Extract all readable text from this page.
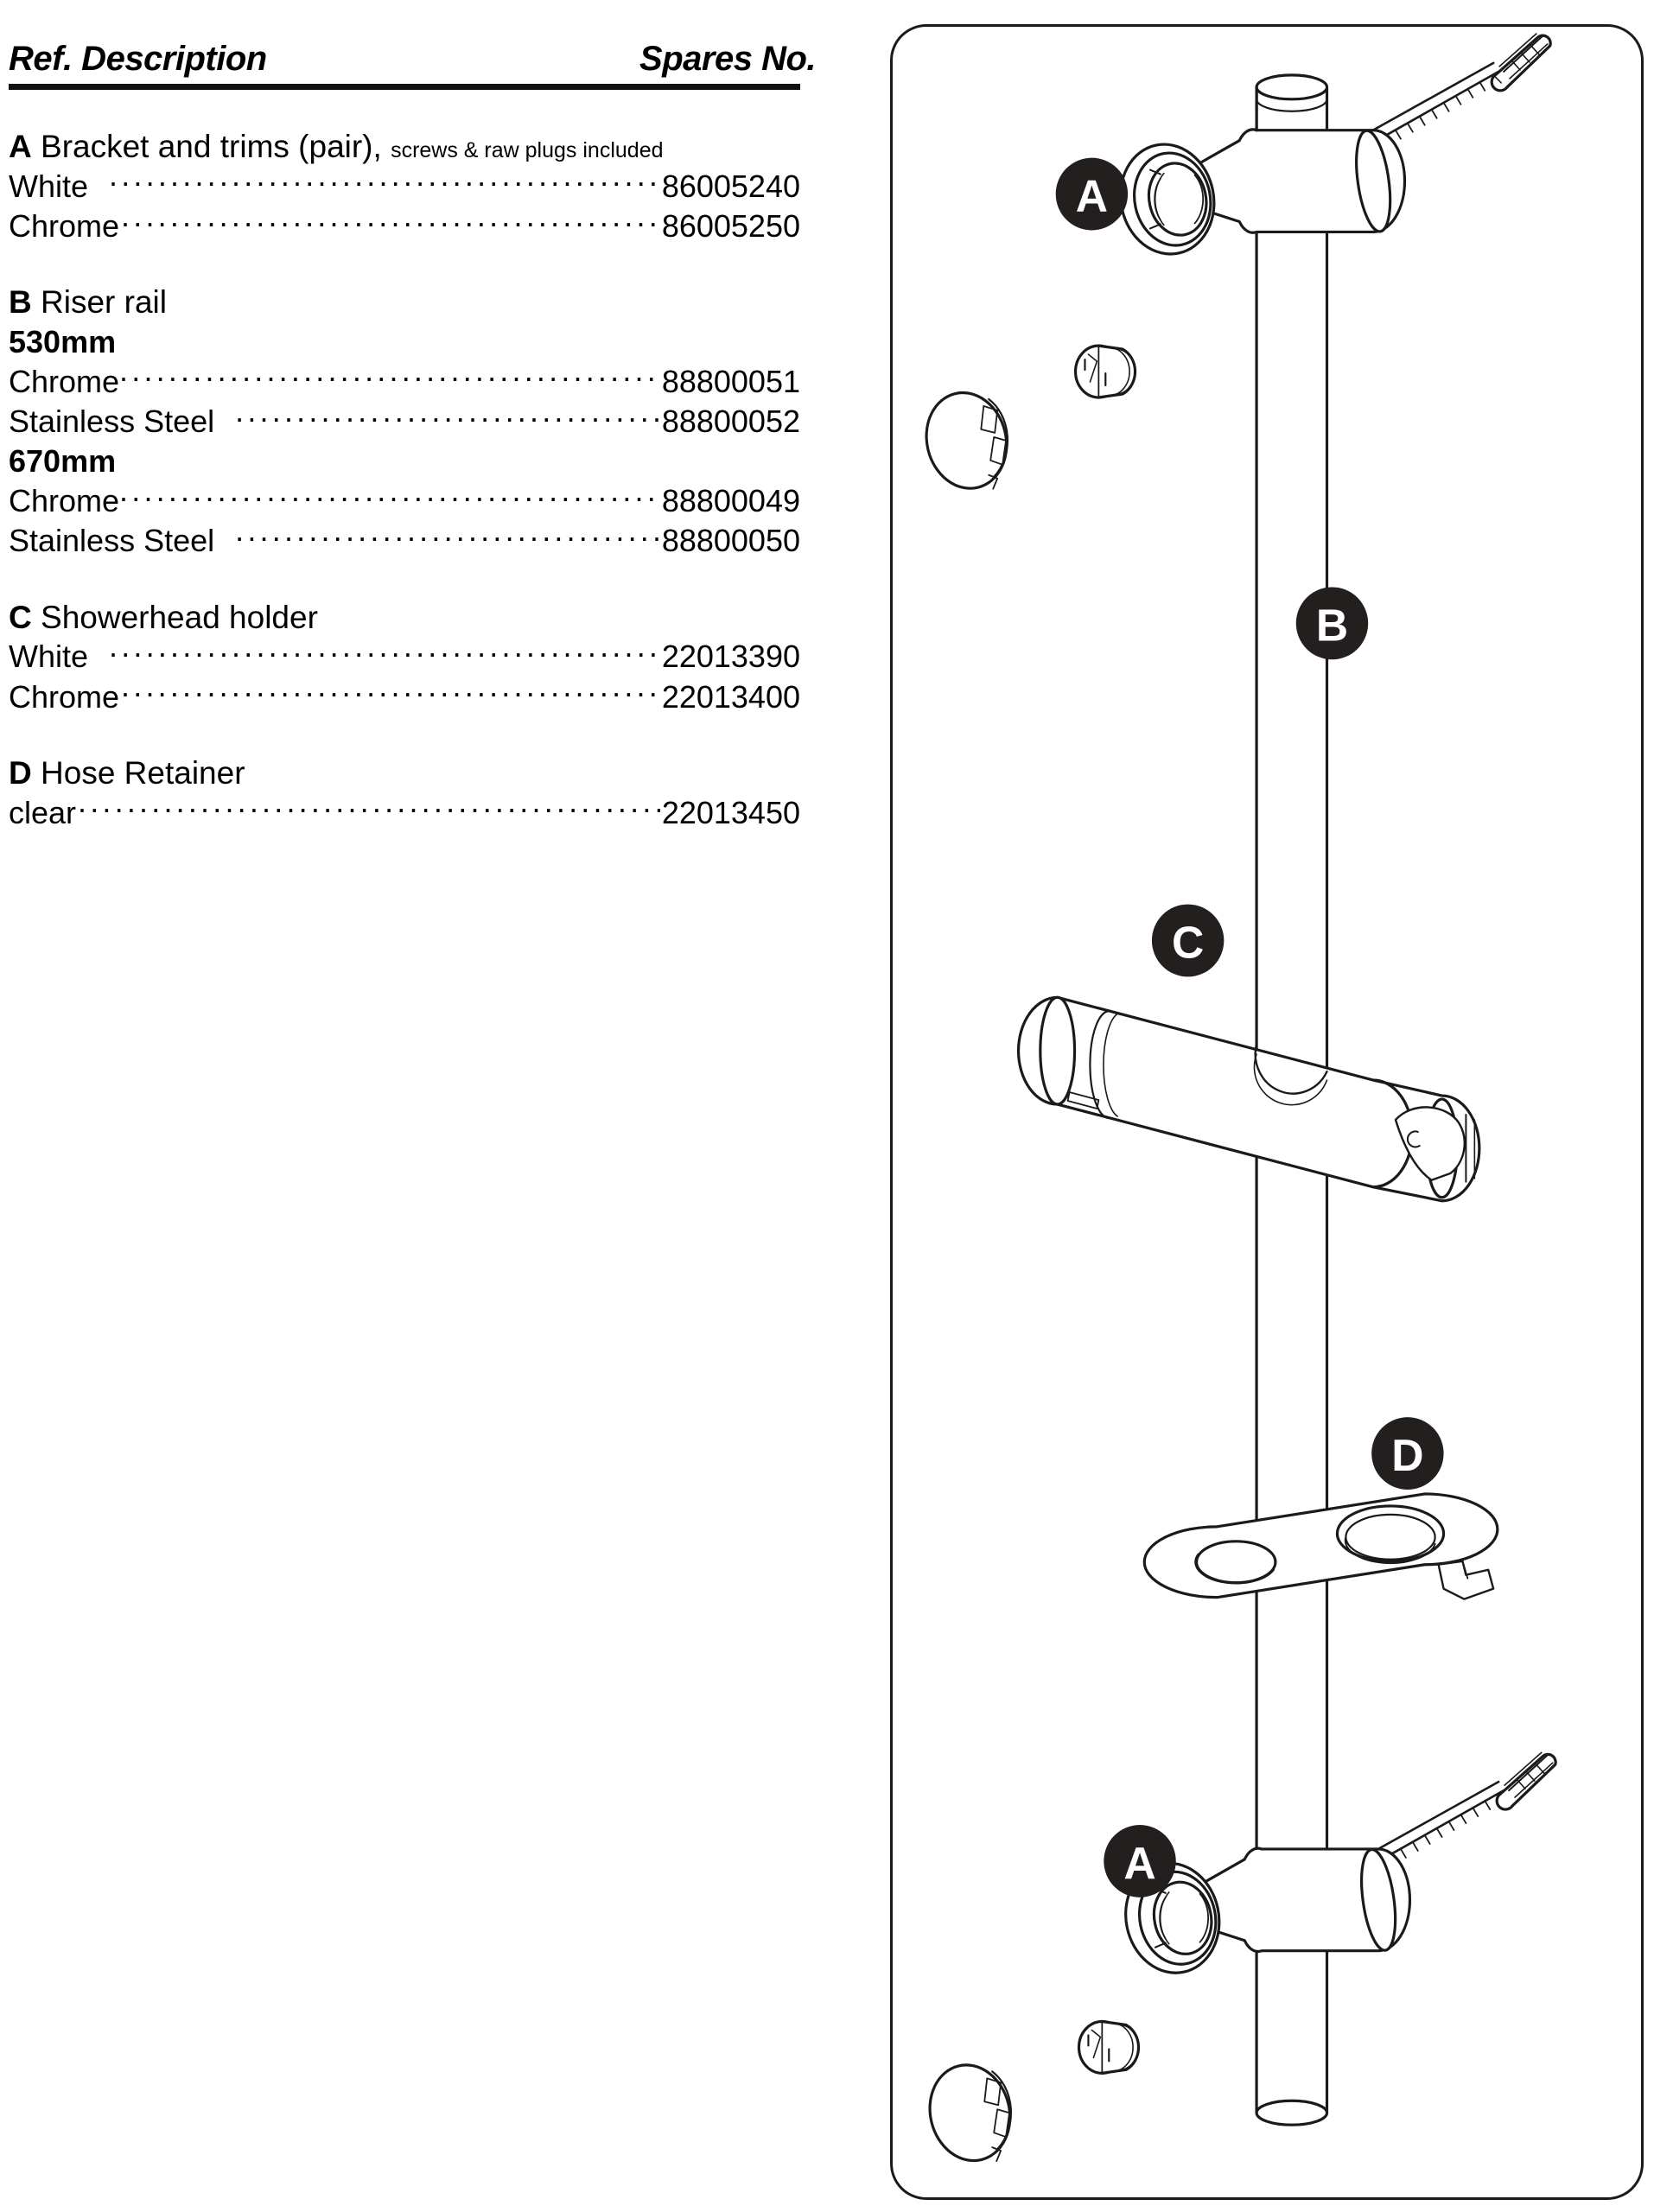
Ref. Description	Spares No.
A Bracket and trims (pair), screws & raw plugs included
White .....	86005240
Chrome .....	86005250
B Riser rail
530mm
Chrome .....	88800051
Stainless Steel .....	88800052
670mm
Chrome .....	88800049
Stainless Steel .....	88800050
C Showerhead holder
White .....	22013390
Chrome .....	22013400
D Hose Retainer
clear .....	22013450
A
B
C
D
A
